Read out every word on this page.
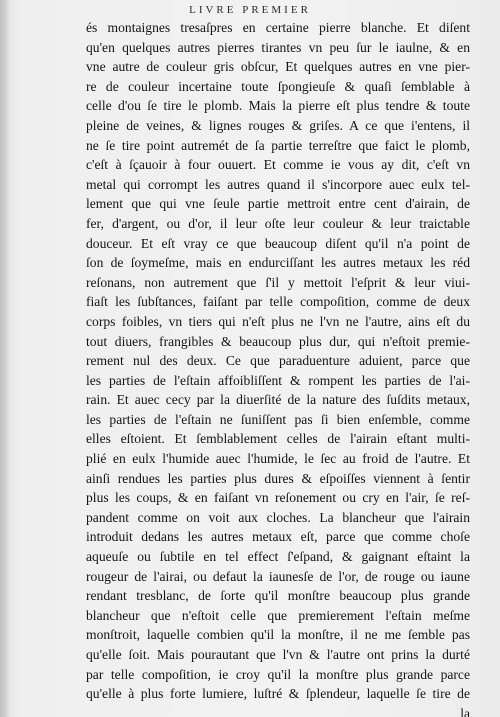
LIVRE PREMIER
és montaignes tresaſpres en certaine pierre blanche. Et diſent
qu'en quelques autres pierres tirantes vn peu ſur le iaulne, & en
vne autre de couleur gris obſcur, Et quelques autres en vne pier-
re de couleur incertaine toute ſpongieuſe & quaſi ſemblable à
celle d'ou ſe tire le plomb. Mais la pierre eſt plus tendre & toute
pleine de veines, & lignes rouges & griſes. A ce que i'entens, il
ne ſe tire point autremét de ſa partie terreſtre que faict le plomb,
c'eſt à ſçauoir à four ouuert. Et comme ie vous ay dit, c'eſt vn
metal qui corrompt les autres quand il s'incorpore auec eulx tel-
lement que qui vne ſeule partie mettroit entre cent d'airain, de
fer, d'argent, ou d'or, il leur oſte leur couleur & leur traictable
douceur. Et eſt vray ce que beaucoup diſent qu'il n'a point de
ſon de ſoymeſme, mais en endurciſſant les autres metaux les réd
reſonans, non autrement que ſ'il y mettoit l'eſprit & leur viui-
fiaſt les ſubſtances, faiſant par telle compoſition, comme de deux
corps foibles, vn tiers qui n'eſt plus ne l'vn ne l'autre, ains eſt du
tout diuers, frangibles & beaucoup plus dur, qui n'eſtoit premie-
rement nul des deux. Ce que paraduenture aduient, parce que
les parties de l'eſtain affoibliſſent & rompent les parties de l'ai-
rain. Et auec cecy par la diuerſité de la nature des ſuſdits metaux,
les parties de l'eſtain ne ſuniſſent pas ſi bien enſemble, comme
elles eſtoient. Et ſemblablement celles de l'airain eſtant multi-
plié en eulx l'humide auec l'humide, le ſec au froid de l'autre. Et
ainſi rendues les parties plus dures & eſpoiſſes viennent à ſentir
plus les coups, & en faiſant vn reſonement ou cry en l'air, ſe reſ-
pandent comme on voit aux cloches. La blancheur que l'airain
introduit dedans les autres metaux eſt, parce que comme choſe
aqueuſe ou ſubtile en tel effect ſ'eſpand, & gaignant eſtaint la
rougeur de l'airai, ou defaut la iaunesſe de l'or, de rouge ou iaune
rendant tresblanc, de ſorte qu'il monſtre beaucoup plus grande
blancheur que n'eſtoit celle que premierement l'eſtain meſme
monſtroit, laquelle combien qu'il la monſtre, il ne me ſemble pas
qu'elle ſoit. Mais pourautant que l'vn & l'autre ont prins la durté
par telle compoſition, ie croy qu'il la monſtre plus grande parce
qu'elle à plus forte lumiere, luſtré & ſplendeur, laquelle ſe tire de
la
